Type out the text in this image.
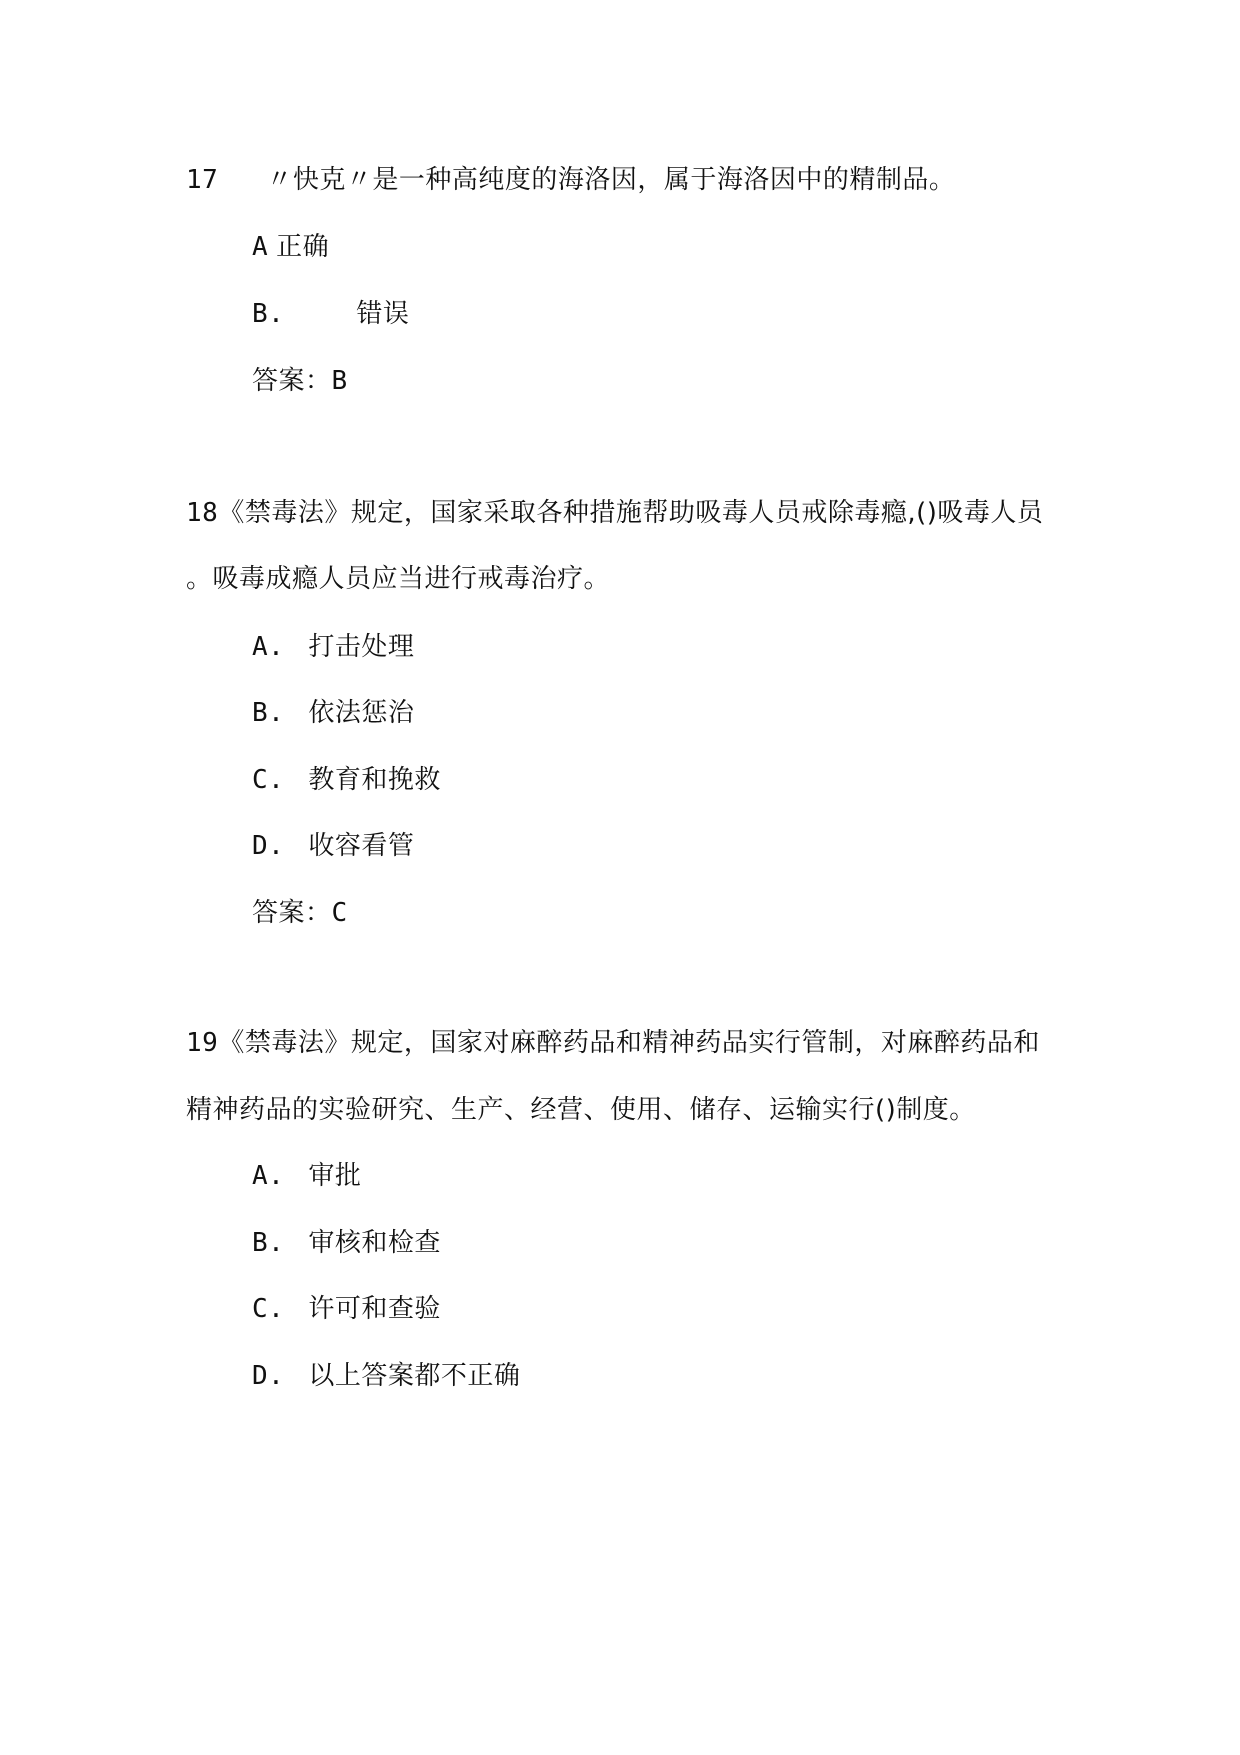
17 〃快克〃是一种高纯度的海洛因，属于海洛因中的精制品。
A 正确
B.	错误
答案：B
18《禁毒法》规定，国家采取各种措施帮助吸毒人员戒除毒瘾,()吸毒人员
。吸毒成瘾人员应当进行戒毒治疗。
A. 打击处理
B. 依法惩治
C. 教育和挽救
D. 收容看管
答案：C
19《禁毒法》规定，国家对麻醉药品和精神药品实行管制，对麻醉药品和
精神药品的实验研究、生产、经营、使用、储存、运输实行()制度。
A. 审批
B. 审核和检查
C. 许可和查验
D. 以上答案都不正确
